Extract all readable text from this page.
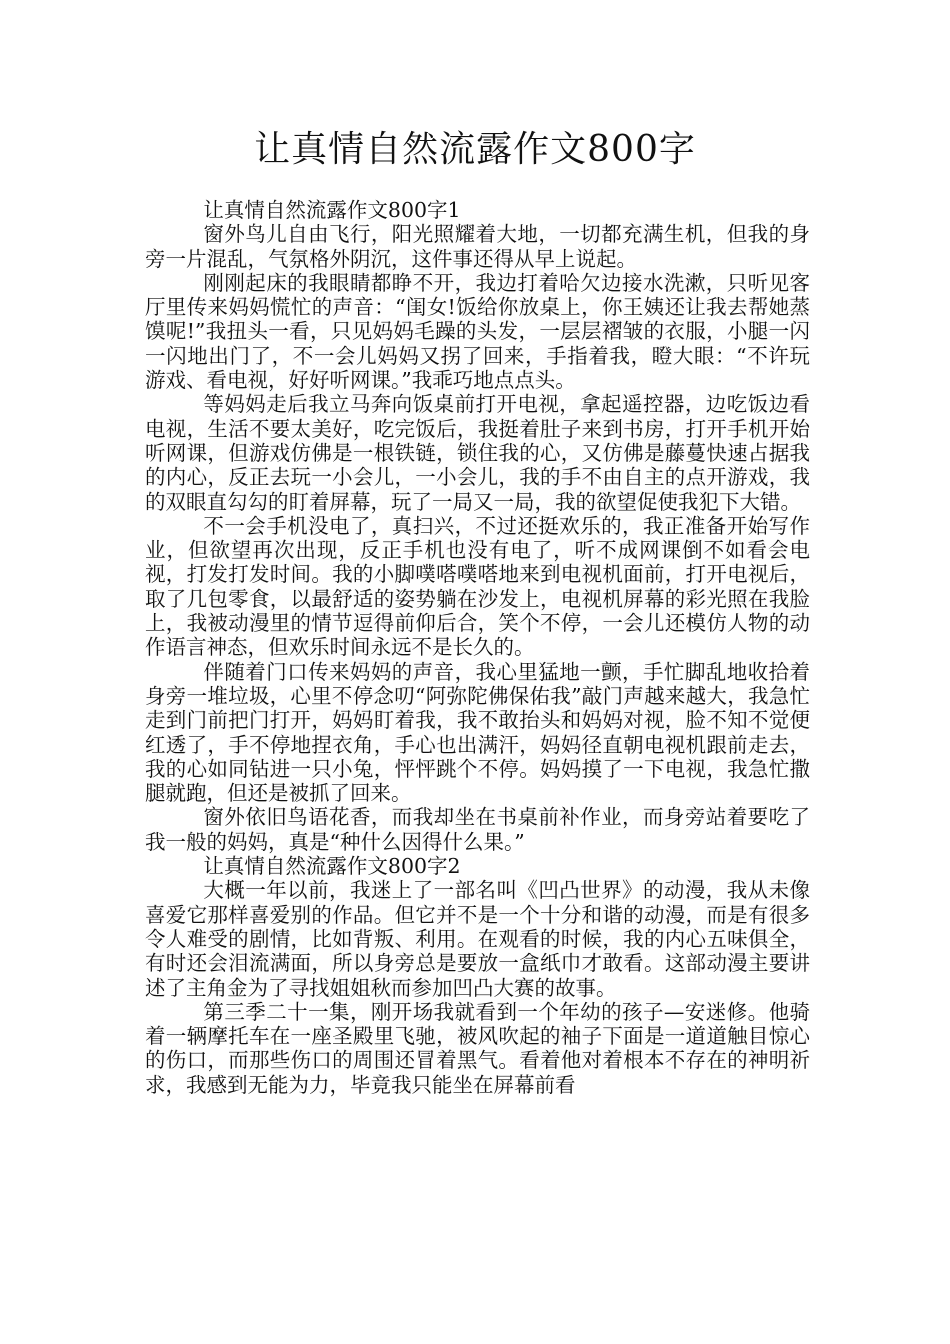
让真情自然流露作文800字

让真情自然流露作文800字1

窗外鸟儿自由飞行，阳光照耀着大地，一切都充满生机，但我的身旁一片混乱，气氛格外阴沉，这件事还得从早上说起。

刚刚起床的我眼睛都睁不开，我边打着哈欠边接水洗漱，只听见客厅里传来妈妈慌忙的声音：“闺女!饭给你放桌上，你王姨还让我去帮她蒸馍呢!”我扭头一看，只见妈妈毛躁的头发，一层层褶皱的衣服，小腿一闪一闪地出门了，不一会儿妈妈又拐了回来，手指着我，瞪大眼：“不许玩游戏、看电视，好好听网课。”我乖巧地点点头。

等妈妈走后我立马奔向饭桌前打开电视，拿起遥控器，边吃饭边看电视，生活不要太美好，吃完饭后，我挺着肚子来到书房，打开手机开始听网课，但游戏仿佛是一根铁链，锁住我的心，又仿佛是藤蔓快速占据我的内心，反正去玩一小会儿，一小会儿，我的手不由自主的点开游戏，我的双眼直勾勾的盯着屏幕，玩了一局又一局，我的欲望促使我犯下大错。

不一会手机没电了，真扫兴，不过还挺欢乐的，我正准备开始写作业，但欲望再次出现，反正手机也没有电了，听不成网课倒不如看会电视，打发打发时间。我的小脚噗嗒噗嗒地来到电视机面前，打开电视后，取了几包零食，以最舒适的姿势躺在沙发上，电视机屏幕的彩光照在我脸上，我被动漫里的情节逗得前仰后合，笑个不停，一会儿还模仿人物的动作语言神态，但欢乐时间永远不是长久的。

伴随着门口传来妈妈的声音，我心里猛地一颤，手忙脚乱地收拾着身旁一堆垃圾，心里不停念叨“阿弥陀佛保佑我”敲门声越来越大，我急忙走到门前把门打开，妈妈盯着我，我不敢抬头和妈妈对视，脸不知不觉便红透了，手不停地捏衣角，手心也出满汗，妈妈径直朝电视机跟前走去，我的心如同钻进一只小兔，怦怦跳个不停。妈妈摸了一下电视，我急忙撒腿就跑，但还是被抓了回来。

窗外依旧鸟语花香，而我却坐在书桌前补作业，而身旁站着要吃了我一般的妈妈，真是“种什么因得什么果。”

让真情自然流露作文800字2

大概一年以前，我迷上了一部名叫《凹凸世界》的动漫，我从未像喜爱它那样喜爱别的作品。但它并不是一个十分和谐的动漫，而是有很多令人难受的剧情，比如背叛、利用。在观看的时候，我的内心五味俱全，有时还会泪流满面，所以身旁总是要放一盒纸巾才敢看。这部动漫主要讲述了主角金为了寻找姐姐秋而参加凹凸大赛的故事。

第三季二十一集，刚开场我就看到一个年幼的孩子—安迷修。他骑着一辆摩托车在一座圣殿里飞驰，被风吹起的袖子下面是一道道触目惊心的伤口，而那些伤口的周围还冒着黑气。看着他对着根本不存在的神明祈求，我感到无能为力，毕竟我只能坐在屏幕前看
